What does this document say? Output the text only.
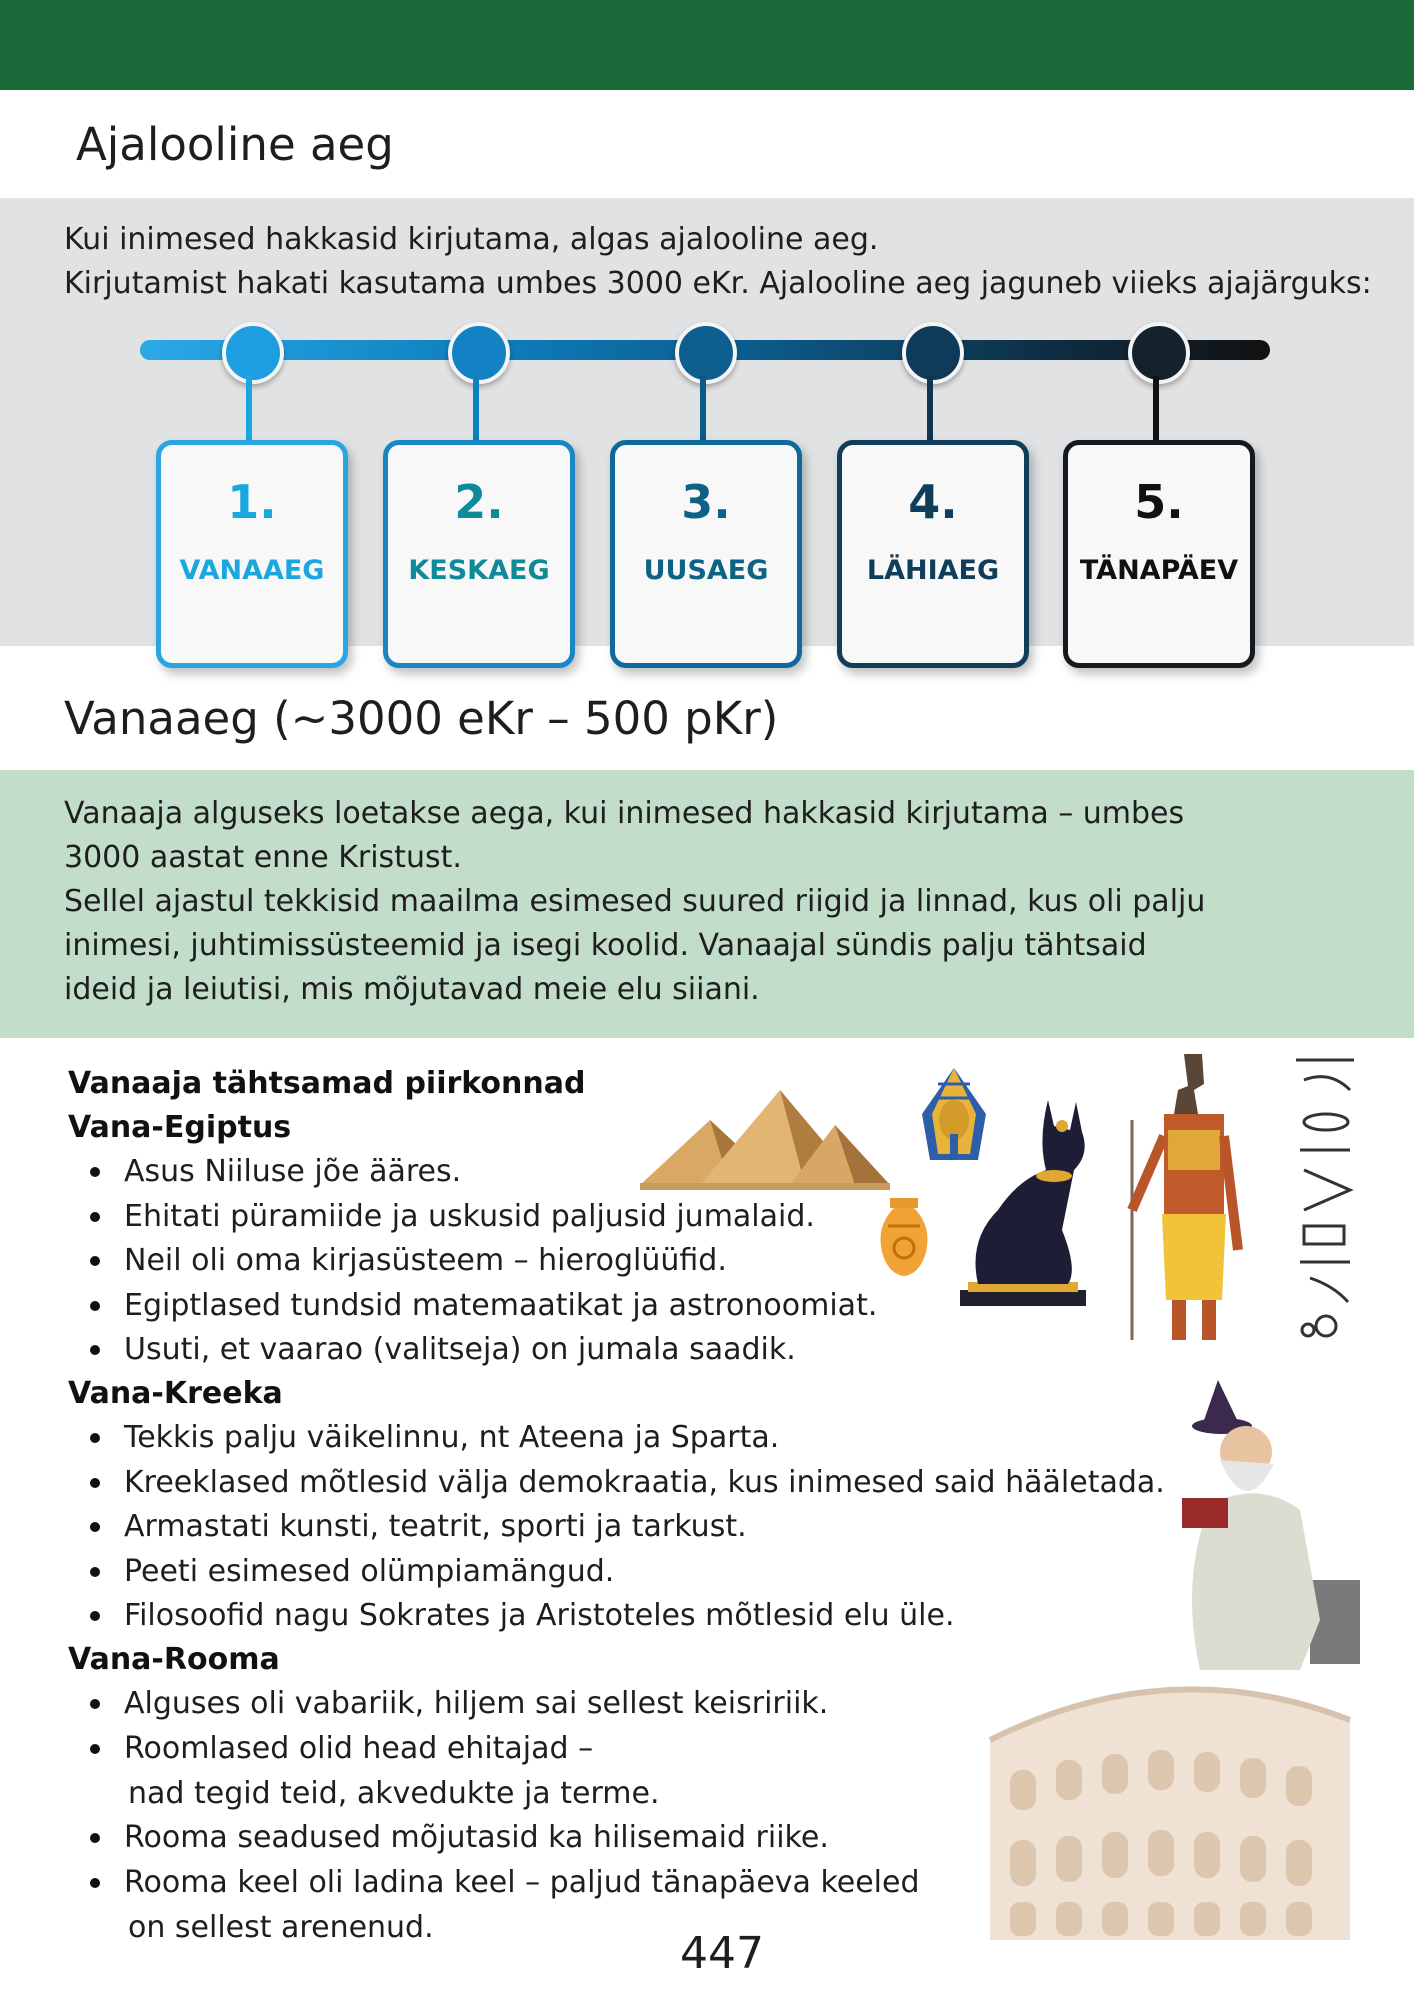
Ajalooline aeg
Kui inimesed hakkasid kirjutama, algas ajalooline aeg.
Kirjutamist hakati kasutama umbes 3000 eKr. Ajalooline aeg jaguneb viieks ajajärguks:
1.
VANAAEG
2.
KESKAEG
3.
UUSAEG
4.
LÄHIAEG
5.
TÄNAPÄEV
Vanaaeg (~3000 eKr – 500 pKr)
Vanaaja alguseks loetakse aega, kui inimesed hakkasid kirjutama – umbes
3000 aastat enne Kristust.
Sellel ajastul tekkisid maailma esimesed suured riigid ja linnad, kus oli palju
inimesi, juhtimissüsteemid ja isegi koolid. Vanaajal sündis palju tähtsaid
ideid ja leiutisi, mis mõjutavad meie elu siiani.
Vanaaja tähtsamad piirkonnad
Vana-Egiptus
Asus Niiluse jõe ääres.
Ehitati püramiide ja uskusid paljusid jumalaid.
Neil oli oma kirjasüsteem – hieroglüüfid.
Egiptlased tundsid matemaatikat ja astronoomiat.
Usuti, et vaarao (valitseja) on jumala saadik.
Vana-Kreeka
Tekkis palju väikelinnu, nt Ateena ja Sparta.
Kreeklased mõtlesid välja demokraatia, kus inimesed said hääletada.
Armastati kunsti, teatrit, sporti ja tarkust.
Peeti esimesed olümpiamängud.
Filosoofid nagu Sokrates ja Aristoteles mõtlesid elu üle.
Vana-Rooma
Alguses oli vabariik, hiljem sai sellest keisririik.
Roomlased olid head ehitajad –
nad tegid teid, akvedukte ja terme.
Rooma seadused mõjutasid ka hilisemaid riike.
Rooma keel oli ladina keel – paljud tänapäeva keeled
on sellest arenenud.
447
